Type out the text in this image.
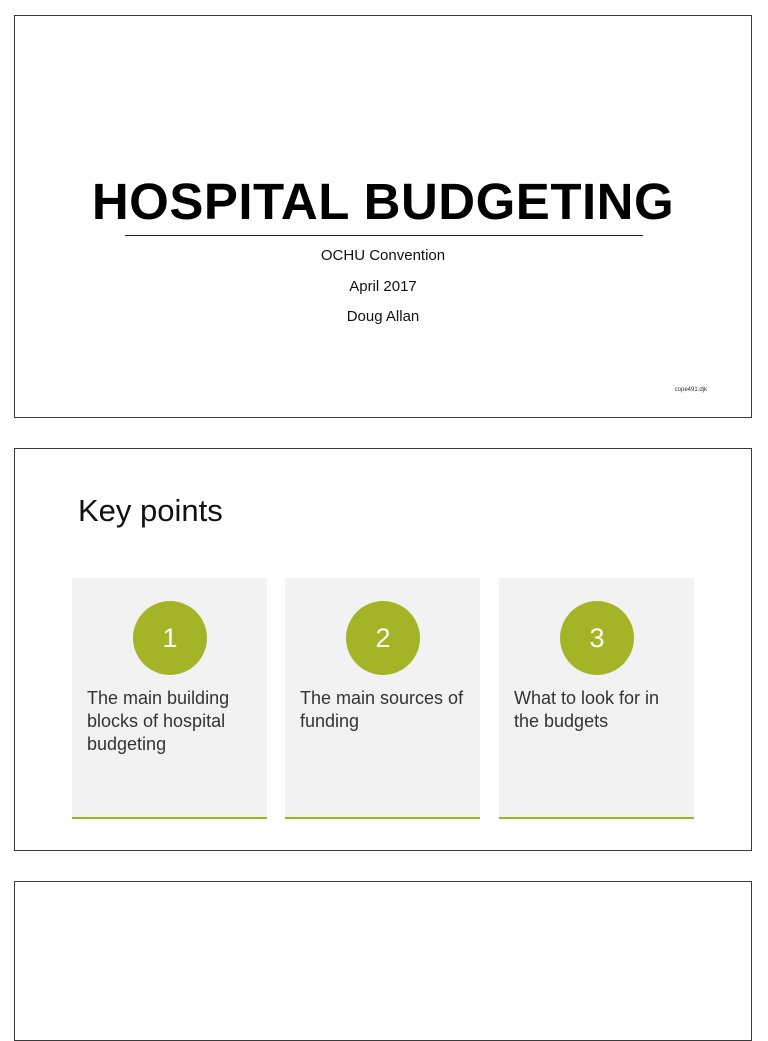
HOSPITAL BUDGETING
OCHU Convention
April 2017
Doug Allan
cope491:djk
Key points
1
The main building blocks of hospital budgeting
2
The main sources of funding
3
What to look for in the budgets
